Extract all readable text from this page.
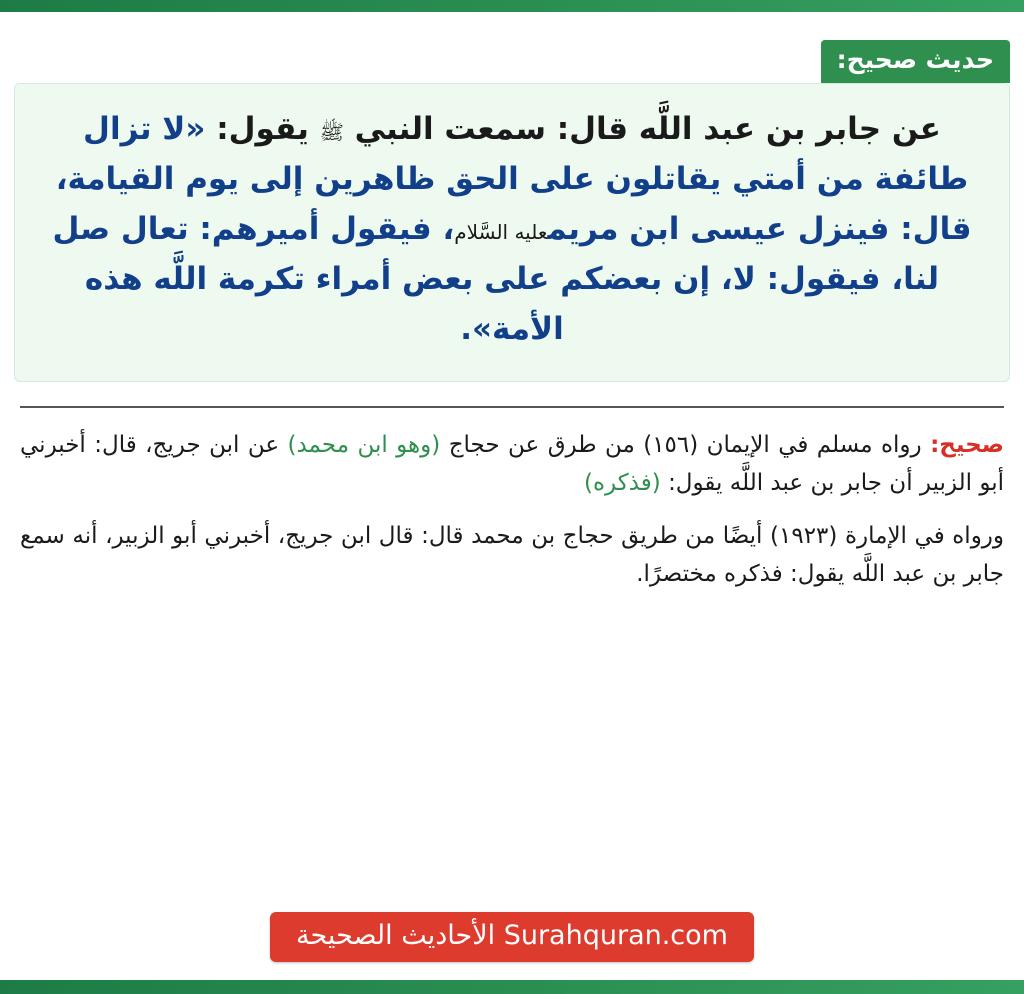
حديث صحيح:

عن جابر بن عبد اللَّه قال: سمعت النبي ﷺ يقول: «لا تزال طائفة من أمتي يقاتلون على الحق ظاهرين إلى يوم القيامة، قال: فينزل عيسى ابن مريمعليه السَّلام، فيقول أميرهم: تعال صل لنا، فيقول: لا، إن بعضكم على بعض أمراء تكرمة اللَّه هذه الأمة».

صحيح: رواه مسلم في الإيمان (١٥٦) من طرق عن حجاج (وهو ابن محمد) عن ابن جريج، قال: أخبرني أبو الزبير أن جابر بن عبد اللَّه يقول: (فذكره)

ورواه في الإمارة (١٩٢٣) أيضًا من طريق حجاج بن محمد قال: قال ابن جريج، أخبرني أبو الزبير، أنه سمع جابر بن عبد اللَّه يقول: فذكره مختصرًا.

Surahquran.com الأحاديث الصحيحة
